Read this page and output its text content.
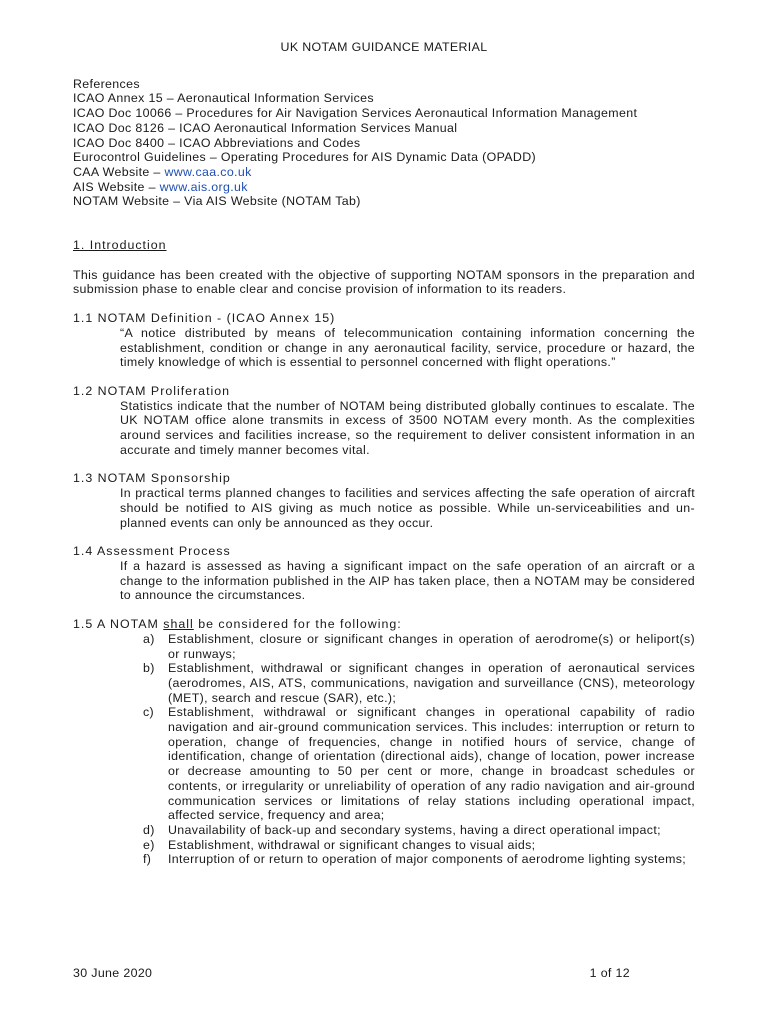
UK NOTAM GUIDANCE MATERIAL
References
ICAO Annex 15 – Aeronautical Information Services
ICAO Doc 10066 – Procedures for Air Navigation Services Aeronautical Information Management
ICAO Doc 8126 – ICAO Aeronautical Information Services Manual
ICAO Doc 8400 – ICAO Abbreviations and Codes
Eurocontrol Guidelines – Operating Procedures for AIS Dynamic Data (OPADD)
CAA Website – www.caa.co.uk
AIS Website – www.ais.org.uk
NOTAM Website – Via AIS Website (NOTAM Tab)
1. Introduction
This guidance has been created with the objective of supporting NOTAM sponsors in the preparation and submission phase to enable clear and concise provision of information to its readers.
1.1 NOTAM Definition - (ICAO Annex 15)
“A notice distributed by means of telecommunication containing information concerning the establishment, condition or change in any aeronautical facility, service, procedure or hazard, the timely knowledge of which is essential to personnel concerned with flight operations.”
1.2 NOTAM Proliferation
Statistics indicate that the number of NOTAM being distributed globally continues to escalate. The UK NOTAM office alone transmits in excess of 3500 NOTAM every month. As the complexities around services and facilities increase, so the requirement to deliver consistent information in an accurate and timely manner becomes vital.
1.3 NOTAM Sponsorship
In practical terms planned changes to facilities and services affecting the safe operation of aircraft should be notified to AIS giving as much notice as possible. While un-serviceabilities and un-planned events can only be announced as they occur.
1.4 Assessment Process
If a hazard is assessed as having a significant impact on the safe operation of an aircraft or a change to the information published in the AIP has taken place, then a NOTAM may be considered to announce the circumstances.
1.5 A NOTAM shall be considered for the following:
a)	Establishment, closure or significant changes in operation of aerodrome(s) or heliport(s) or runways;
b)	Establishment, withdrawal or significant changes in operation of aeronautical services (aerodromes, AIS, ATS, communications, navigation and surveillance (CNS), meteorology (MET), search and rescue (SAR), etc.);
c)	Establishment, withdrawal or significant changes in operational capability of radio navigation and air-ground communication services. This includes: interruption or return to operation, change of frequencies, change in notified hours of service, change of identification, change of orientation (directional aids), change of location, power increase or decrease amounting to 50 per cent or more, change in broadcast schedules or contents, or irregularity or unreliability of operation of any radio navigation and air-ground communication services or limitations of relay stations including operational impact, affected service, frequency and area;
d)	Unavailability of back-up and secondary systems, having a direct operational impact;
e)	Establishment, withdrawal or significant changes to visual aids;
f)	Interruption of or return to operation of major components of aerodrome lighting systems;
30 June 2020	1 of 12
